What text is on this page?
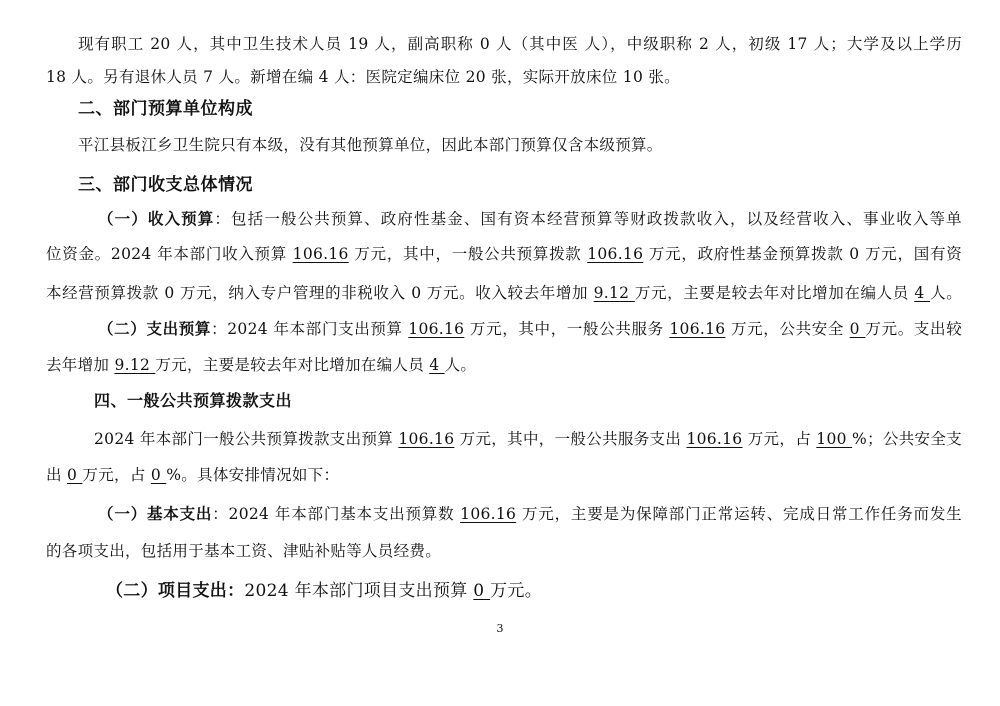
现有职工 20 人，其中卫生技术人员 19 人，副高职称 0 人（其中医 人），中级职称 2 人，初级 17 人；大学及以上学历
18 人。另有退休人员 7 人。新增在编 4 人：医院定编床位 20 张，实际开放床位 10 张。
二、部门预算单位构成
平江县板江乡卫生院只有本级，没有其他预算单位，因此本部门预算仅含本级预算。
三、部门收支总体情况
（一）收入预算：包括一般公共预算、政府性基金、国有资本经营预算等财政拨款收入，以及经营收入、事业收入等单
位资金。2024 年本部门收入预算 106.16 万元，其中，一般公共预算拨款 106.16 万元，政府性基金预算拨款 0 万元，国有资
本经营预算拨款 0 万元，纳入专户管理的非税收入 0 万元。收入较去年增加 9.12 万元，主要是较去年对比增加在编人员 4 人。
（二）支出预算：2024 年本部门支出预算 106.16 万元，其中，一般公共服务 106.16 万元，公共安全 0 万元。支出较
去年增加 9.12 万元，主要是较去年对比增加在编人员 4 人。
四、一般公共预算拨款支出
2024 年本部门一般公共预算拨款支出预算 106.16 万元，其中，一般公共服务支出 106.16 万元，占 100 %；公共安全支
出 0 万元，占 0 %。具体安排情况如下：
（一）基本支出：2024 年本部门基本支出预算数 106.16 万元，主要是为保障部门正常运转、完成日常工作任务而发生
的各项支出，包括用于基本工资、津贴补贴等人员经费。
（二）项目支出：2024 年本部门项目支出预算 0 万元。
3
